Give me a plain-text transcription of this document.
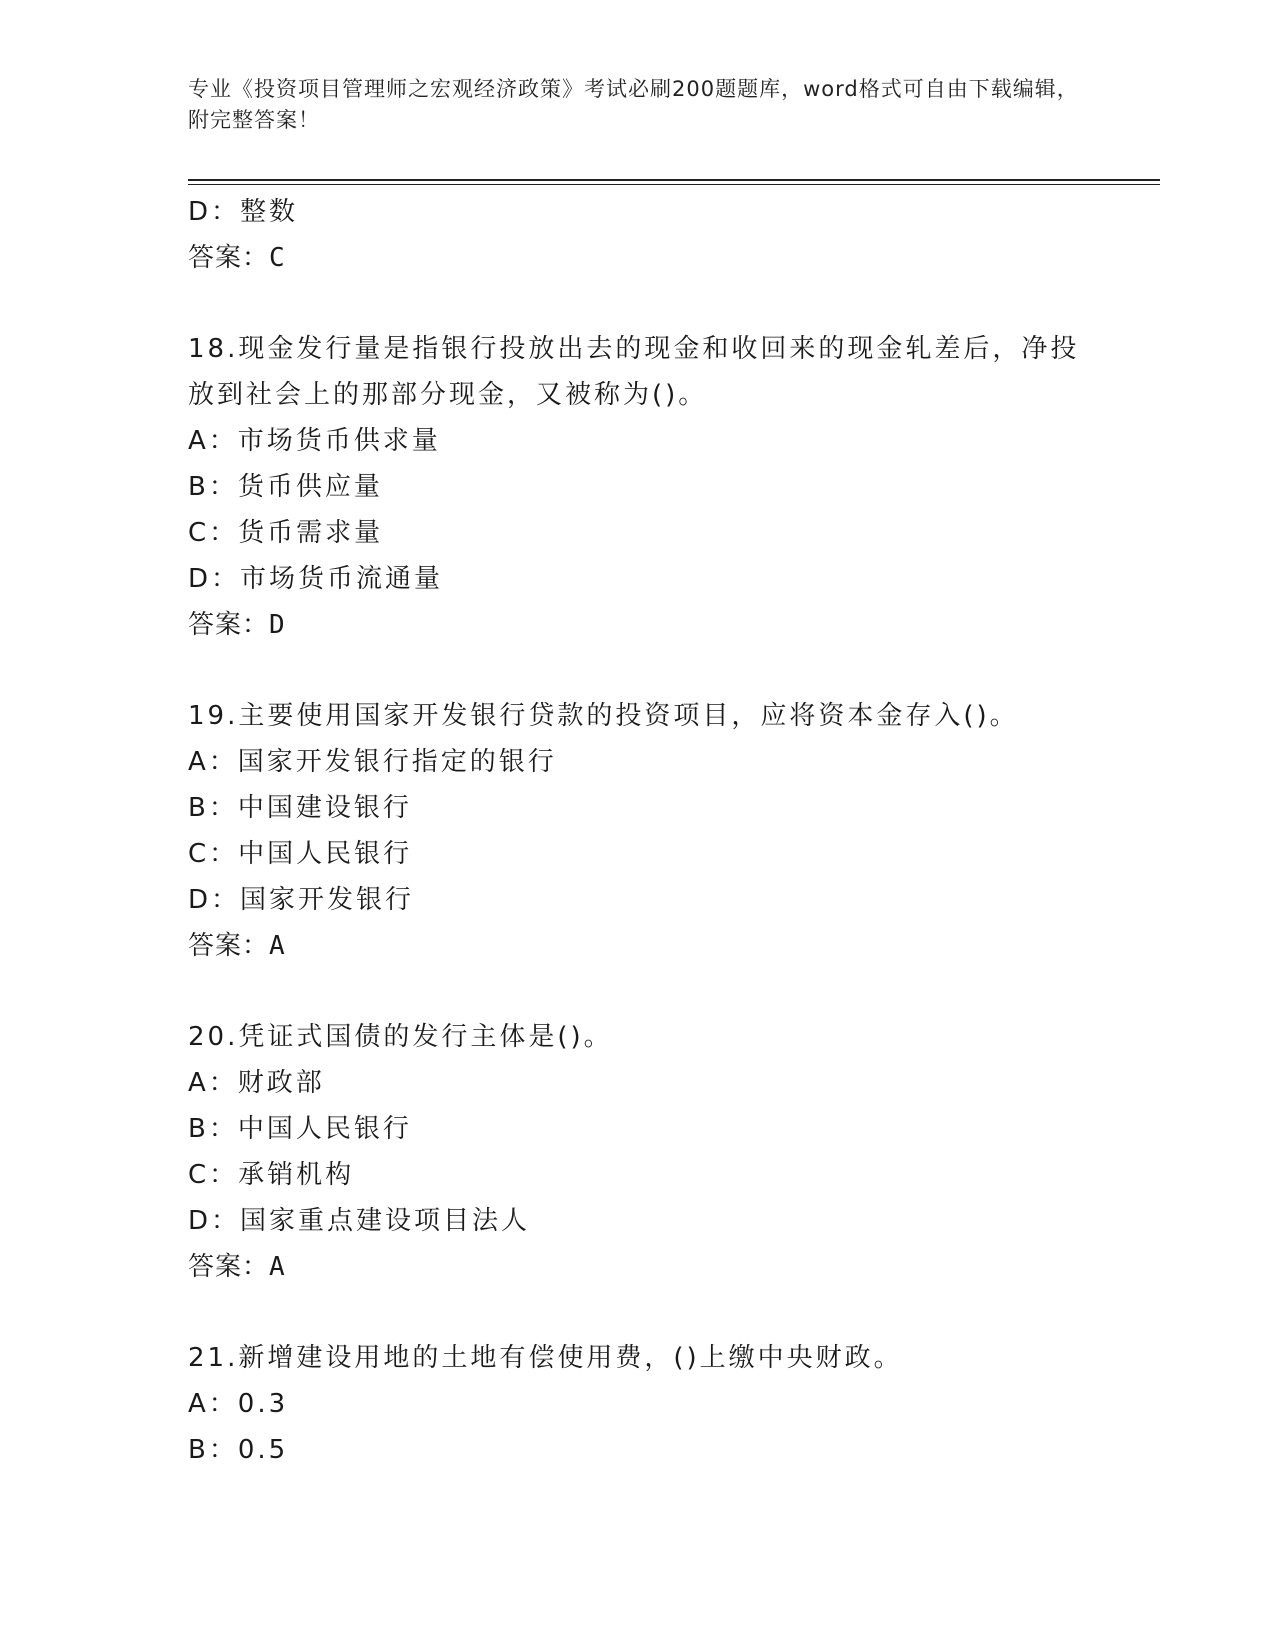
专业《投资项目管理师之宏观经济政策》考试必刷200题题库，word格式可自由下载编辑，附完整答案！
D：整数
答案：C
18.现金发行量是指银行投放出去的现金和收回来的现金轧差后，净投放到社会上的那部分现金，又被称为()。
A：市场货币供求量
B：货币供应量
C：货币需求量
D：市场货币流通量
答案：D
19.主要使用国家开发银行贷款的投资项目，应将资本金存入()。
A：国家开发银行指定的银行
B：中国建设银行
C：中国人民银行
D：国家开发银行
答案：A
20.凭证式国债的发行主体是()。
A：财政部
B：中国人民银行
C：承销机构
D：国家重点建设项目法人
答案：A
21.新增建设用地的土地有偿使用费，()上缴中央财政。
A：0.3
B：0.5
